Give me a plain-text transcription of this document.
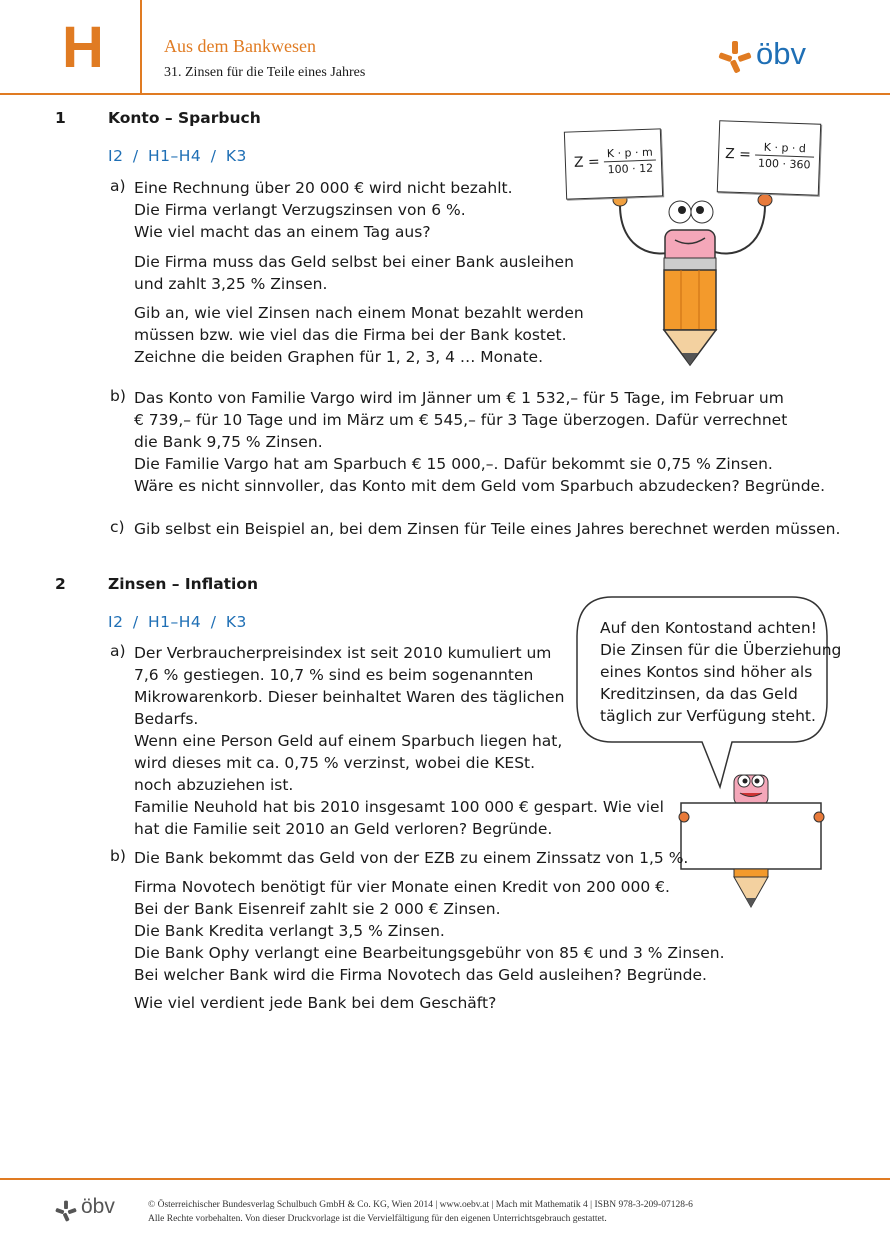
H	Aus dem Bankwesen
31. Zinsen für die Teile eines Jahres
öbv
1	Konto – Sparbuch
I2 / H1–H4 / K3
a) Eine Rechnung über 20 000 € wird nicht bezahlt.
Die Firma verlangt Verzugszinsen von 6 %.
Wie viel macht das an einem Tag aus?
Die Firma muss das Geld selbst bei einer Bank ausleihen
und zahlt 3,25 % Zinsen.
Gib an, wie viel Zinsen nach einem Monat bezahlt werden
müssen bzw. wie viel das die Firma bei der Bank kostet.
Zeichne die beiden Graphen für 1, 2, 3, 4 … Monate.
$Z = \frac{K \cdot p \cdot m}{100 \cdot 12}$	$Z = \frac{K \cdot p \cdot d}{100 \cdot 360}$
b) Das Konto von Familie Vargo wird im Jänner um € 1 532,– für 5 Tage, im Februar um
€ 739,– für 10 Tage und im März um € 545,– für 3 Tage überzogen. Dafür verrechnet
die Bank 9,75 % Zinsen.
Die Familie Vargo hat am Sparbuch € 15 000,–. Dafür bekommt sie 0,75 % Zinsen.
Wäre es nicht sinnvoller, das Konto mit dem Geld vom Sparbuch abzudecken? Begründe.
c) Gib selbst ein Beispiel an, bei dem Zinsen für Teile eines Jahres berechnet werden müssen.
2	Zinsen – Inflation
I2 / H1–H4 / K3	Auf den Kontostand achten!
Die Zinsen für die Überziehung
eines Kontos sind höher als
Kreditzinsen, da das Geld
täglich zur Verfügung steht.
a) Der Verbraucherpreisindex ist seit 2010 kumuliert um
7,6 % gestiegen. 10,7 % sind es beim sogenannten
Mikrowarenkorb. Dieser beinhaltet Waren des täglichen
Bedarfs.
Wenn eine Person Geld auf einem Sparbuch liegen hat,
wird dieses mit ca. 0,75 % verzinst, wobei die KESt.
noch abzuziehen ist.
Familie Neuhold hat bis 2010 insgesamt 100 000 € gespart. Wie viel
hat die Familie seit 2010 an Geld verloren? Begründe.
b) Die Bank bekommt das Geld von der EZB zu einem Zinssatz von 1,5 %.
Firma Novotech benötigt für vier Monate einen Kredit von 200 000 €.
Bei der Bank Eisenreif zahlt sie 2 000 € Zinsen.
Die Bank Kredita verlangt 3,5 % Zinsen.
Die Bank Ophy verlangt eine Bearbeitungsgebühr von 85 € und 3 % Zinsen.
Bei welcher Bank wird die Firma Novotech das Geld ausleihen? Begründe.
Wie viel verdient jede Bank bei dem Geschäft?
öbv	© Österreichischer Bundesverlag Schulbuch GmbH & Co. KG, Wien 2014 | www.oebv.at | Mach mit Mathematik 4 | ISBN 978-3-209-07128-6
Alle Rechte vorbehalten. Von dieser Druckvorlage ist die Vervielfältigung für den eigenen Unterrichtsgebrauch gestattet.
